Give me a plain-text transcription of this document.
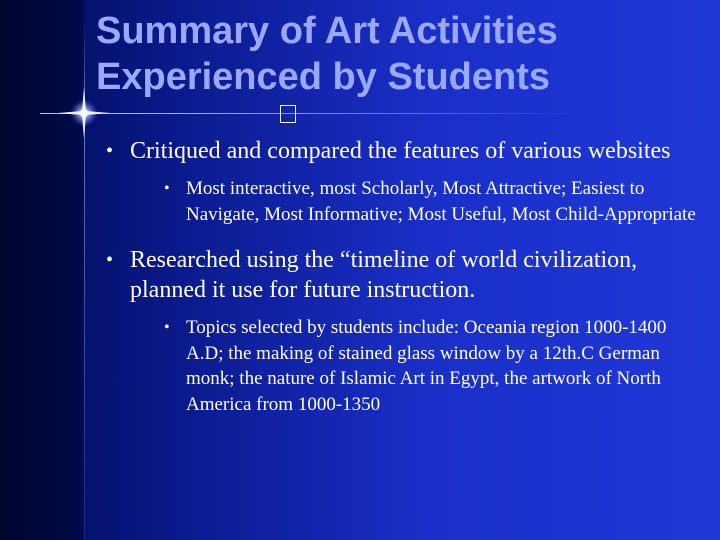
Summary of Art Activities
Experienced by Students
• Critiqued and compared the features of various websites
• Most interactive, most Scholarly, Most Attractive; Easiest to Navigate, Most Informative; Most Useful, Most Child-Appropriate
• Researched using the “timeline of world civilization, planned it use for future instruction.
• Topics selected by students include: Oceania region 1000-1400 A.D; the making of stained glass window by a 12th.C German monk; the nature of Islamic Art in Egypt, the artwork of North America from 1000-1350
